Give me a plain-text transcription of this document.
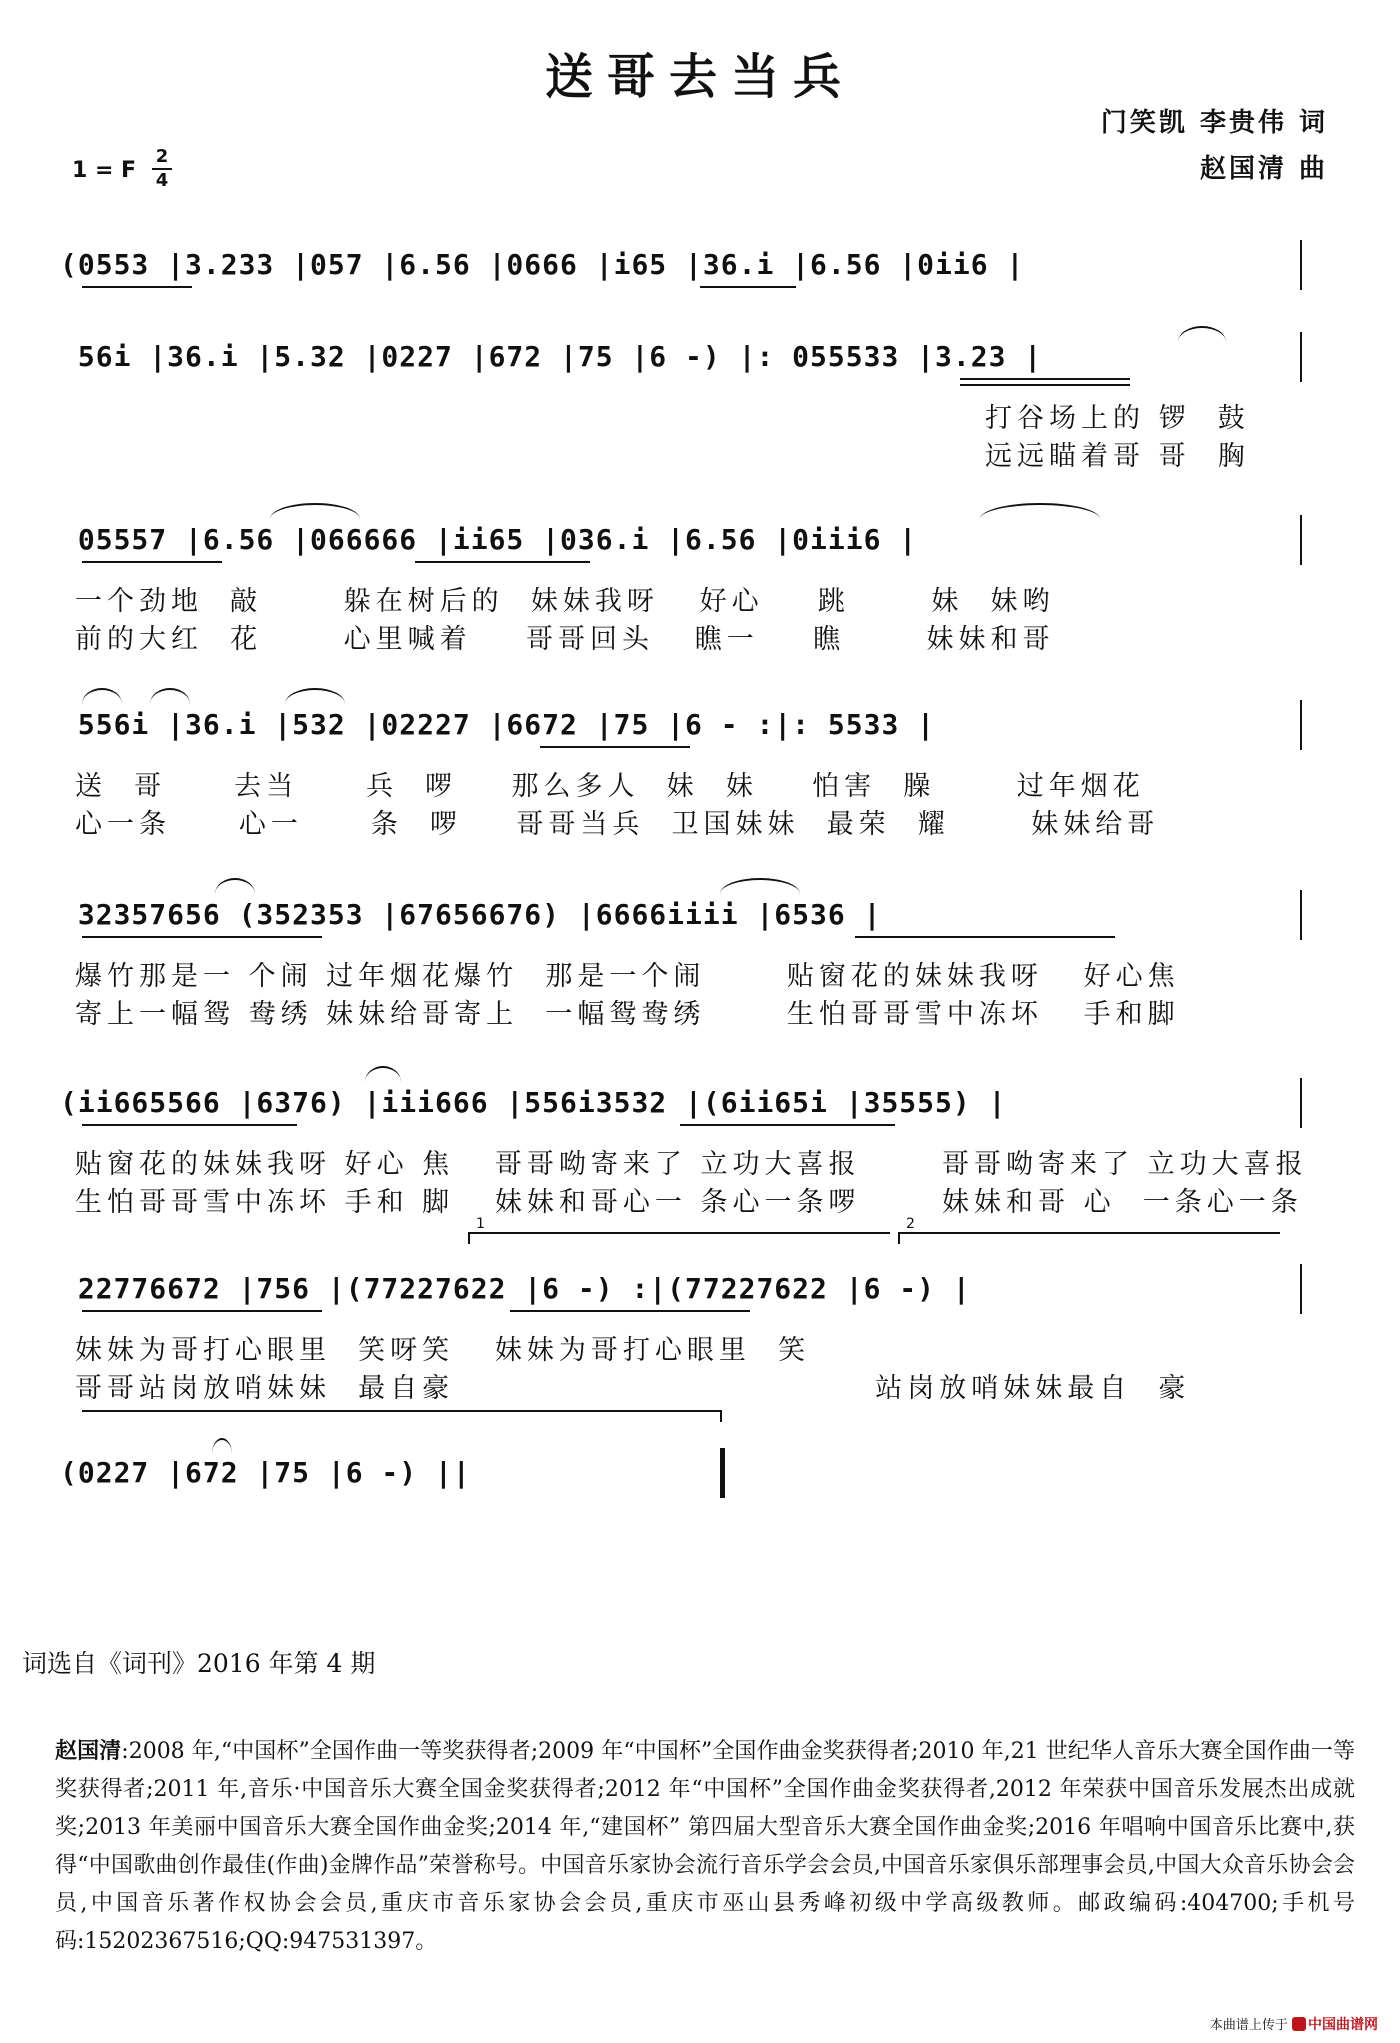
送哥去当兵
门笑凯 李贵伟 词
赵国清 曲
1 = F
2
4
(0553 |3.233 |057 |6.56 |0666 |i65 |36.i |6.56 |0ii6 |
56i |36.i |5.32 |0227 |672 |75 |6 -) |: 055533 |3.23 |
打谷场上的 锣  鼓
远远瞄着哥 哥  胸
05557 |6.56 |066666 |ii65 |036.i |6.56 |0iii6 |
一个劲地  敲      躲在树后的  妹妹我呀   好心    跳      妹  妹哟
前的大红  花      心里喊着    哥哥回头   瞧一    瞧      妹妹和哥
556i |36.i |532 |02227 |6672 |75 |6 - :|: 5533 |
送  哥     去当     兵  啰    那么多人  妹  妹    怕害  臊      过年烟花
心一条     心一     条  啰    哥哥当兵  卫国妹妹  最荣  耀      妹妹给哥
32357656 (352353 |67656676) |6666iiii |6536 |
爆竹那是一 个闹 过年烟花爆竹  那是一个闹      贴窗花的妹妹我呀   好心焦
寄上一幅鸳 鸯绣 妹妹给哥寄上  一幅鸳鸯绣      生怕哥哥雪中冻坏   手和脚
(ii665566 |6376) |iii666 |556i3532 |(6ii65i |35555) |
贴窗花的妹妹我呀 好心 焦   哥哥呦寄来了 立功大喜报      哥哥呦寄来了 立功大喜报
生怕哥哥雪中冻坏 手和 脚   妹妹和哥心一 条心一条啰      妹妹和哥 心  一条心一条
1	2
22776672 |756 |(77227622 |6 -) :|(77227622 |6 -) |
妹妹为哥打心眼里  笑呀笑   妹妹为哥打心眼里  笑
哥哥站岗放哨妹妹  最自豪                               站岗放哨妹妹最自  豪
(0227 |672 |75 |6 -) ||
词选自《词刊》2016 年第 4 期
赵国清:2008 年,“中国杯”全国作曲一等奖获得者;2009 年“中国杯”全国作曲金奖获得者;2010 年,21 世纪华人音乐大赛全国作曲一等奖获得者;2011 年,音乐·中国音乐大赛全国金奖获得者;2012 年“中国杯”全国作曲金奖获得者,2012 年荣获中国音乐发展杰出成就奖;2013 年美丽中国音乐大赛全国作曲金奖;2014 年,“建国杯” 第四届大型音乐大赛全国作曲金奖;2016 年唱响中国音乐比赛中,获得“中国歌曲创作最佳(作曲)金牌作品”荣誉称号。中国音乐家协会流行音乐学会会员,中国音乐家俱乐部理事会员,中国大众音乐协会会员,中国音乐著作权协会会员,重庆市音乐家协会会员,重庆市巫山县秀峰初级中学高级教师。邮政编码:404700;手机号码:15202367516;QQ:947531397。
本曲谱上传于 中国曲谱网
